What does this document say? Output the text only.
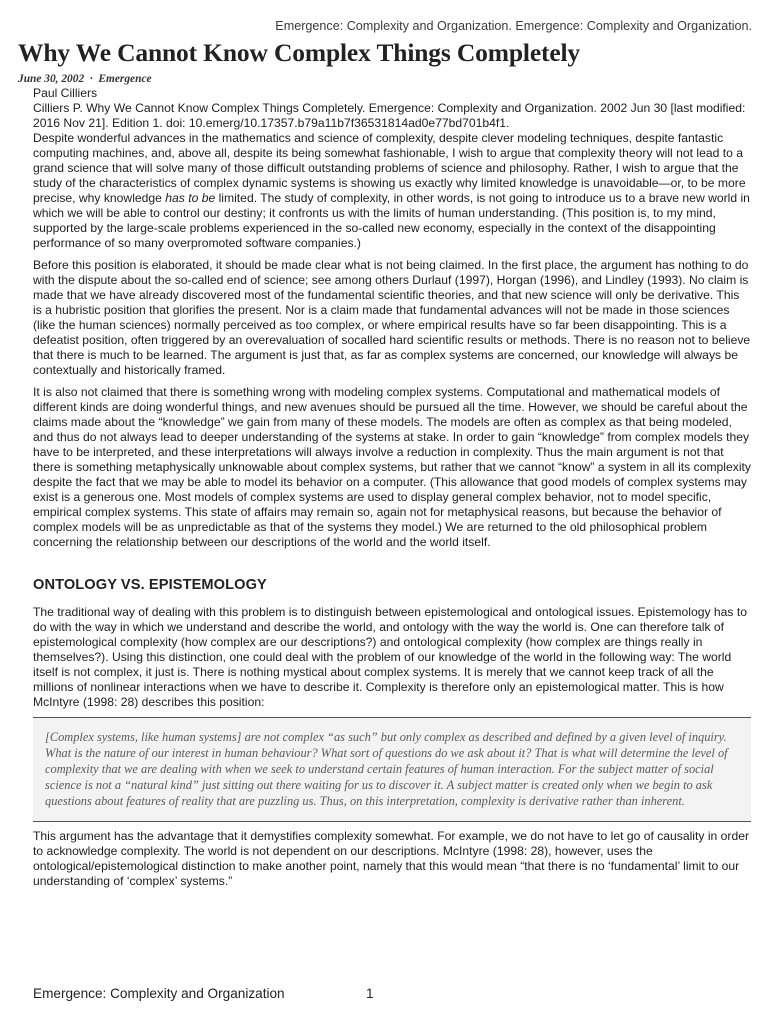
Emergence: Complexity and Organization. Emergence: Complexity and Organization.
Why We Cannot Know Complex Things Completely
June 30, 2002  ·  Emergence

Paul Cilliers

Cilliers P. Why We Cannot Know Complex Things Completely. Emergence: Complexity and Organization. 2002 Jun 30 [last modified: 2016 Nov 21]. Edition 1. doi: 10.emerg/10.17357.b79a11b7f36531814ad0e77bd701b4f1.

Despite wonderful advances in the mathematics and science of complexity, despite clever modeling techniques, despite fantastic computing machines, and, above all, despite its being somewhat fashionable, I wish to argue that complexity theory will not lead to a grand science that will solve many of those difficult outstanding problems of science and philosophy. Rather, I wish to argue that the study of the characteristics of complex dynamic systems is showing us exactly why limited knowledge is unavoidable—or, to be more precise, why knowledge has to be limited. The study of complexity, in other words, is not going to introduce us to a brave new world in which we will be able to control our destiny; it confronts us with the limits of human understanding. (This position is, to my mind, supported by the large-scale problems experienced in the so-called new economy, especially in the context of the disappointing performance of so many overpromoted software companies.)

Before this position is elaborated, it should be made clear what is not being claimed. In the first place, the argument has nothing to do with the dispute about the so-called end of science; see among others Durlauf (1997), Horgan (1996), and Lindley (1993). No claim is made that we have already discovered most of the fundamental scientific theories, and that new science will only be derivative. This is a hubristic position that glorifies the present. Nor is a claim made that fundamental advances will not be made in those sciences (like the human sciences) normally perceived as too complex, or where empirical results have so far been disappointing. This is a defeatist position, often triggered by an overevaluation of socalled hard scientific results or methods. There is no reason not to believe that there is much to be learned. The argument is just that, as far as complex systems are concerned, our knowledge will always be contextually and historically framed.

It is also not claimed that there is something wrong with modeling complex systems. Computational and mathematical models of different kinds are doing wonderful things, and new avenues should be pursued all the time. However, we should be careful about the claims made about the “knowledge” we gain from many of these models. The models are often as complex as that being modeled, and thus do not always lead to deeper understanding of the systems at stake. In order to gain “knowledge” from complex models they have to be interpreted, and these interpretations will always involve a reduction in complexity. Thus the main argument is not that there is something metaphysically unknowable about complex systems, but rather that we cannot “know” a system in all its complexity despite the fact that we may be able to model its behavior on a computer. (This allowance that good models of complex systems may exist is a generous one. Most models of complex systems are used to display general complex behavior, not to model specific, empirical complex systems. This state of affairs may remain so, again not for metaphysical reasons, but because the behavior of complex models will be as unpredictable as that of the systems they model.) We are returned to the old philosophical problem concerning the relationship between our descriptions of the world and the world itself.

ONTOLOGY VS. EPISTEMOLOGY

The traditional way of dealing with this problem is to distinguish between epistemological and ontological issues. Epistemology has to do with the way in which we understand and describe the world, and ontology with the way the world is. One can therefore talk of epistemological complexity (how complex are our descriptions?) and ontological complexity (how complex are things really in themselves?). Using this distinction, one could deal with the problem of our knowledge of the world in the following way: The world itself is not complex, it just is. There is nothing mystical about complex systems. It is merely that we cannot keep track of all the millions of nonlinear interactions when we have to describe it. Complexity is therefore only an epistemological matter. This is how McIntyre (1998: 28) describes this position:

[Complex systems, like human systems] are not complex “as such” but only complex as described and defined by a given level of inquiry. What is the nature of our interest in human behaviour? What sort of questions do we ask about it? That is what will determine the level of complexity that we are dealing with when we seek to understand certain features of human interaction. For the subject matter of social science is not a “natural kind” just sitting out there waiting for us to discover it. A subject matter is created only when we begin to ask questions about features of reality that are puzzling us. Thus, on this interpretation, complexity is derivative rather than inherent.

This argument has the advantage that it demystifies complexity somewhat. For example, we do not have to let go of causality in order to acknowledge complexity. The world is not dependent on our descriptions. McIntyre (1998: 28), however, uses the ontological/epistemological distinction to make another point, namely that this would mean “that there is no ‘fundamental’ limit to our understanding of ‘complex’ systems.”

Emergence: Complexity and Organization	1
